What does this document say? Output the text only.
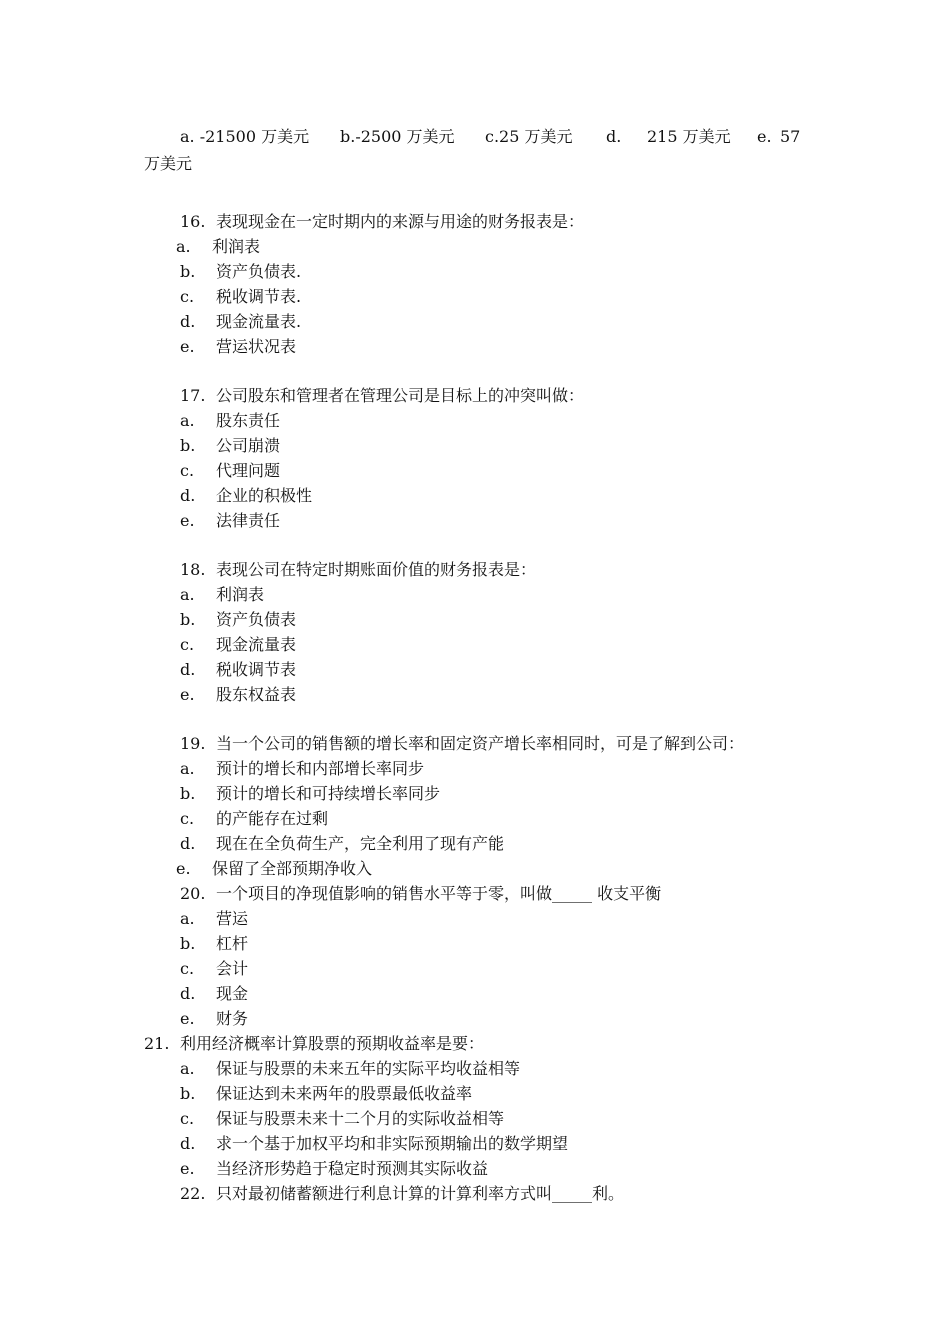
a. -21500 万美元 b.-2500 万美元 c.25 万美元 d. 215 万美元 e. 57
万美元
16. 表现现金在一定时期内的来源与用途的财务报表是：
a. 利润表
b. 资产负债表.
c. 税收调节表.
d. 现金流量表.
e. 营运状况表
17. 公司股东和管理者在管理公司是目标上的冲突叫做：
a. 股东责任
b. 公司崩溃
c. 代理问题
d. 企业的积极性
e. 法律责任
18. 表现公司在特定时期账面价值的财务报表是：
a. 利润表
b. 资产负债表
c. 现金流量表
d. 税收调节表
e. 股东权益表
19. 当一个公司的销售额的增长率和固定资产增长率相同时，可是了解到公司：
a. 预计的增长和内部增长率同步
b. 预计的增长和可持续增长率同步
c. 的产能存在过剩
d. 现在在全负荷生产，完全利用了现有产能
e. 保留了全部预期净收入
20. 一个项目的净现值影响的销售水平等于零，叫做_____ 收支平衡
a. 营运
b. 杠杆
c. 会计
d. 现金
e. 财务
21. 利用经济概率计算股票的预期收益率是要：
a. 保证与股票的未来五年的实际平均收益相等
b. 保证达到未来两年的股票最低收益率
c. 保证与股票未来十二个月的实际收益相等
d. 求一个基于加权平均和非实际预期输出的数学期望
e. 当经济形势趋于稳定时预测其实际收益
22. 只对最初储蓄额进行利息计算的计算利率方式叫_____利。
